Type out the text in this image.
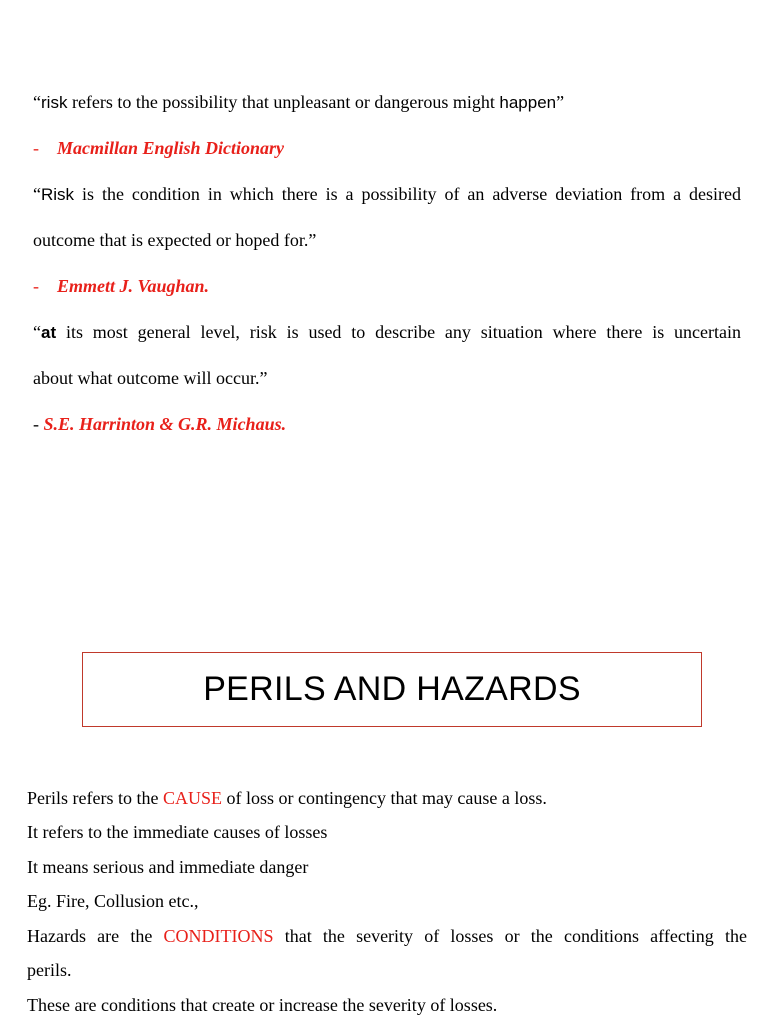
“risk refers to the possibility that unpleasant or dangerous might happen”

- Macmillan English Dictionary

“Risk is the condition in which there is a possibility of an adverse deviation from a desired

outcome that is expected or hoped for.”

- Emmett J. Vaughan.

“at its most general level, risk is used to describe any situation where there is uncertain

about what outcome will occur.”

- S.E. Harrinton & G.R. Michaus.

PERILS AND HAZARDS

Perils refers to the CAUSE of loss or contingency that may cause a loss.

It refers to the immediate causes of losses

It means serious and immediate danger

Eg. Fire, Collusion etc.,

Hazards are the CONDITIONS that the severity of losses or the conditions affecting the

perils.

These are conditions that create or increase the severity of losses.
